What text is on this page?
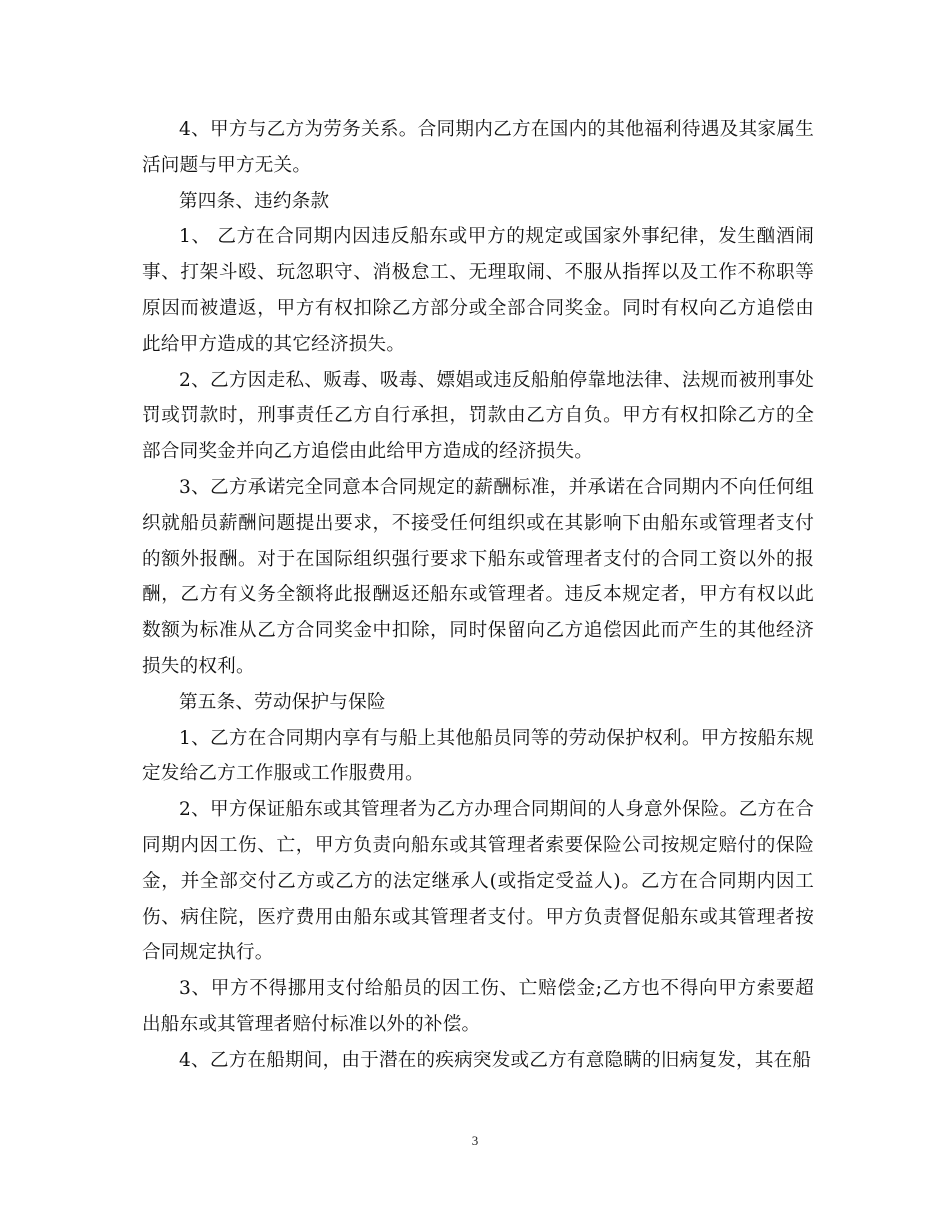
4、甲方与乙方为劳务关系。合同期内乙方在国内的其他福利待遇及其家属生活问题与甲方无关。

第四条、违约条款

1、 乙方在合同期内因违反船东或甲方的规定或国家外事纪律，发生酗酒闹事、打架斗殴、玩忽职守、消极怠工、无理取闹、不服从指挥以及工作不称职等原因而被遣返，甲方有权扣除乙方部分或全部合同奖金。同时有权向乙方追偿由此给甲方造成的其它经济损失。

2、乙方因走私、贩毒、吸毒、嫖娼或违反船舶停靠地法律、法规而被刑事处罚或罚款时，刑事责任乙方自行承担，罚款由乙方自负。甲方有权扣除乙方的全部合同奖金并向乙方追偿由此给甲方造成的经济损失。

3、乙方承诺完全同意本合同规定的薪酬标准，并承诺在合同期内不向任何组织就船员薪酬问题提出要求，不接受任何组织或在其影响下由船东或管理者支付的额外报酬。对于在国际组织强行要求下船东或管理者支付的合同工资以外的报酬，乙方有义务全额将此报酬返还船东或管理者。违反本规定者，甲方有权以此数额为标准从乙方合同奖金中扣除，同时保留向乙方追偿因此而产生的其他经济损失的权利。

第五条、劳动保护与保险

1、乙方在合同期内享有与船上其他船员同等的劳动保护权利。甲方按船东规定发给乙方工作服或工作服费用。

2、甲方保证船东或其管理者为乙方办理合同期间的人身意外保险。乙方在合同期内因工伤、亡，甲方负责向船东或其管理者索要保险公司按规定赔付的保险金，并全部交付乙方或乙方的法定继承人(或指定受益人)。乙方在合同期内因工伤、病住院，医疗费用由船东或其管理者支付。甲方负责督促船东或其管理者按合同规定执行。

3、甲方不得挪用支付给船员的因工伤、亡赔偿金;乙方也不得向甲方索要超出船东或其管理者赔付标准以外的补偿。

4、乙方在船期间，由于潜在的疾病突发或乙方有意隐瞒的旧病复发，其在船

3
